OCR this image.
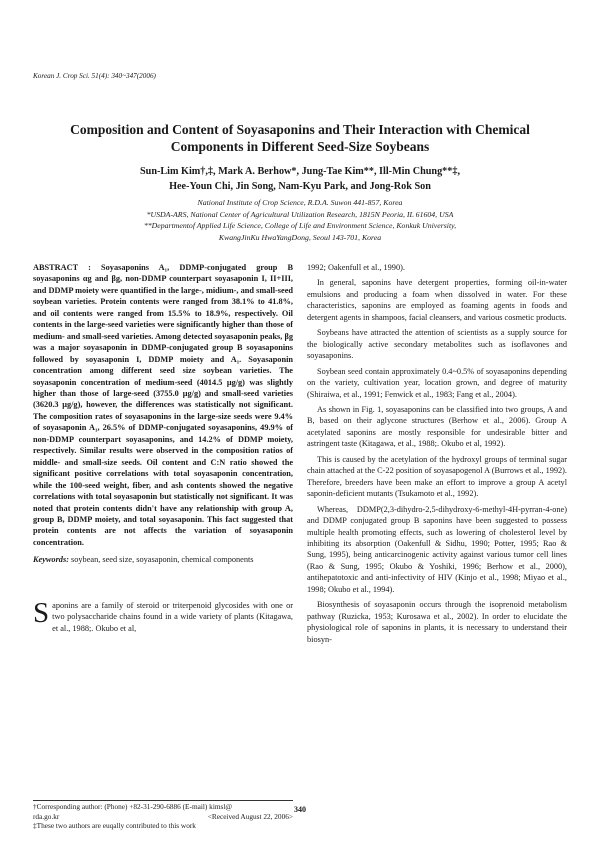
Korean J. Crop Sci. 51(4): 340~347(2006)
Composition and Content of Soyasaponins and Their Interaction with Chemical Components in Different Seed-Size Soybeans
Sun-Lim Kim†,‡, Mark A. Berhow*, Jung-Tae Kim**, Ill-Min Chung**‡,
Hee-Youn Chi, Jin Song, Nam-Kyu Park, and Jong-Rok Son
National Institute of Crop Science, R.D.A. Suwon 441-857, Korea
*USDA-ARS, National Center of Agricultural Utilization Research, 1815N Peoria, IL 61604, USA
**Departmentof Applied Life Science, College of Life and Environment Science, Konkuk University,
KwangJinKu HwaYangDong, Seoul 143-701, Korea
ABSTRACT : Soyasaponins A₁, DDMP-conjugated group B soyasaponins αg and βg, non-DDMP counterpart soyasaponin I, II+III, and DDMP moiety were quantified in the large-, midium-, and small-seed soybean varieties. Protein contents were ranged from 38.1% to 41.8%, and oil contents were ranged from 15.5% to 18.9%, respectively. Oil contents in the large-seed varieties were significantly higher than those of medium- and small-seed varieties. Among detected soyasaponin peaks, βg was a major soyasaponin in DDMP-conjugated group B soyasaponins followed by soyasaponin I, DDMP moiety and A₁. Soyasaponin concentration among different seed size soybean varieties. The soyasaponin concentration of medium-seed (4014.5 μg/g) was slightly higher than those of large-seed (3755.0 μg/g) and small-seed varieties (3620.3 μg/g), however, the differences was statistically not significant. The composition rates of soyasaponins in the large-size seeds were 9.4% of soyasaponin A₁, 26.5% of DDMP-conjugated soyasaponins, 49.9% of non-DDMP counterpart soyasaponins, and 14.2% of DDMP moiety, respectively. Similar results were observed in the composition ratios of middle- and small-size seeds. Oil content and C:N ratio showed the significant positive correlations with total soyasaponin concentration, while the 100-seed weight, fiber, and ash contents showed the negative correlations with total soyasaponin but statistically not significant. It was noted that protein contents didn't have any relationship with group A, group B, DDMP moiety, and total soyasaponin. This fact suggested that protein contents are not affects the variation of soyasaponin concentration.
Keywords: soybean, seed size, soyasaponin, chemical components
Saponins are a family of steroid or triterpenoid glycosides with one or two polysaccharide chains found in a wide variety of plants (Kitagawa, et al., 1988;. Okubo et al,
†Corresponding author: (Phone) +82-31-290-6886 (E-mail) kimsl@
rda.go.kr	<Received August 22, 2006>
‡These two authors are euqally contributed to this work

1992; Oakenfull et al., 1990).

In general, saponins have detergent properties, forming oil-in-water emulsions and producing a foam when dissolved in water. For these characteristics, saponins are employed as foaming agents in foods and detergent agents in shampoos, facial cleansers, and various cosmetic products.

Soybeans have attracted the attention of scientists as a supply source for the biologically active secondary metabolites such as isoflavones and soyasaponins.

Soybean seed contain approximately 0.4~0.5% of soyasaponins depending on the variety, cultivation year, location grown, and degree of maturity (Shiraiwa, et al., 1991; Fenwick et al., 1983; Fang et al., 2004).

As shown in Fig. 1, soyasaponins can be classified into two groups, A and B, based on their aglycone structures (Berhow et al., 2006). Group A acetylated saponins are mostly responsible for undesirable bitter and astringent taste (Kitagawa, et al., 1988;. Okubo et al, 1992).

This is caused by the acetylation of the hydroxyl groups of terminal sugar chain attached at the C-22 position of soyasapogenol A (Burrows et al., 1992). Therefore, breeders have been make an effort to improve a group A acetyl saponin-deficient mutants (Tsukamoto et al., 1992).

Whereas, DDMP(2,3-dihydro-2,5-dihydroxy-6-methyl-4H-pyrran-4-one) and DDMP conjugated group B saponins have been suggested to possess multiple health promoting effects, such as lowering of cholesterol level by inhibiting its absorption (Oakenfull & Sidhu, 1990; Potter, 1995; Rao & Sung, 1995), being anticarcinogenic activity against various tumor cell lines (Rao & Sung, 1995; Okubo & Yoshiki, 1996; Berhow et al., 2000), antihepatotoxic and anti-infectivity of HIV (Kinjo et al., 1998; Miyao et al., 1998; Okubo et al., 1994).

Biosynthesis of soyasaponin occurs through the isoprenoid metabolism pathway (Ruzicka, 1953; Kurosawa et al., 2002). In order to elucidate the physiological role of saponins in plants, it is necessary to understand their biosyn-

340
